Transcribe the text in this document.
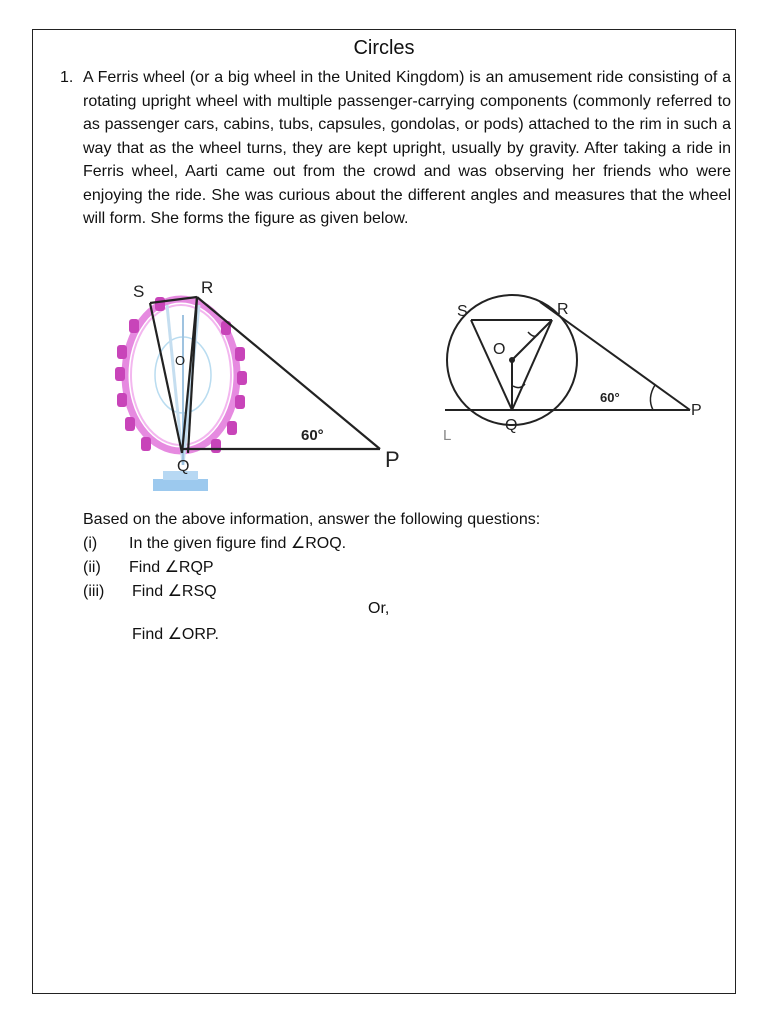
Circles
1. A Ferris wheel (or a big wheel in the United Kingdom) is an amusement ride consisting of a rotating upright wheel with multiple passenger-carrying components (commonly referred to as passenger cars, cabins, tubs, capsules, gondolas, or pods) attached to the rim in such a way that as the wheel turns, they are kept upright, usually by gravity. After taking a ride in Ferris wheel, Aarti came out from the crowd and was observing her friends who were enjoying the ride. She was curious about the different angles and measures that the wheel will form. She forms the figure as given below.
S	R
O
Q	P
60°
S	R
O
Q
P
60°
L
Based on the above information, answer the following questions:
(i) In the given figure find ∠ROQ.
(ii) Find ∠RQP
(iii) Find ∠RSQ
Or,
Find ∠ORP.
